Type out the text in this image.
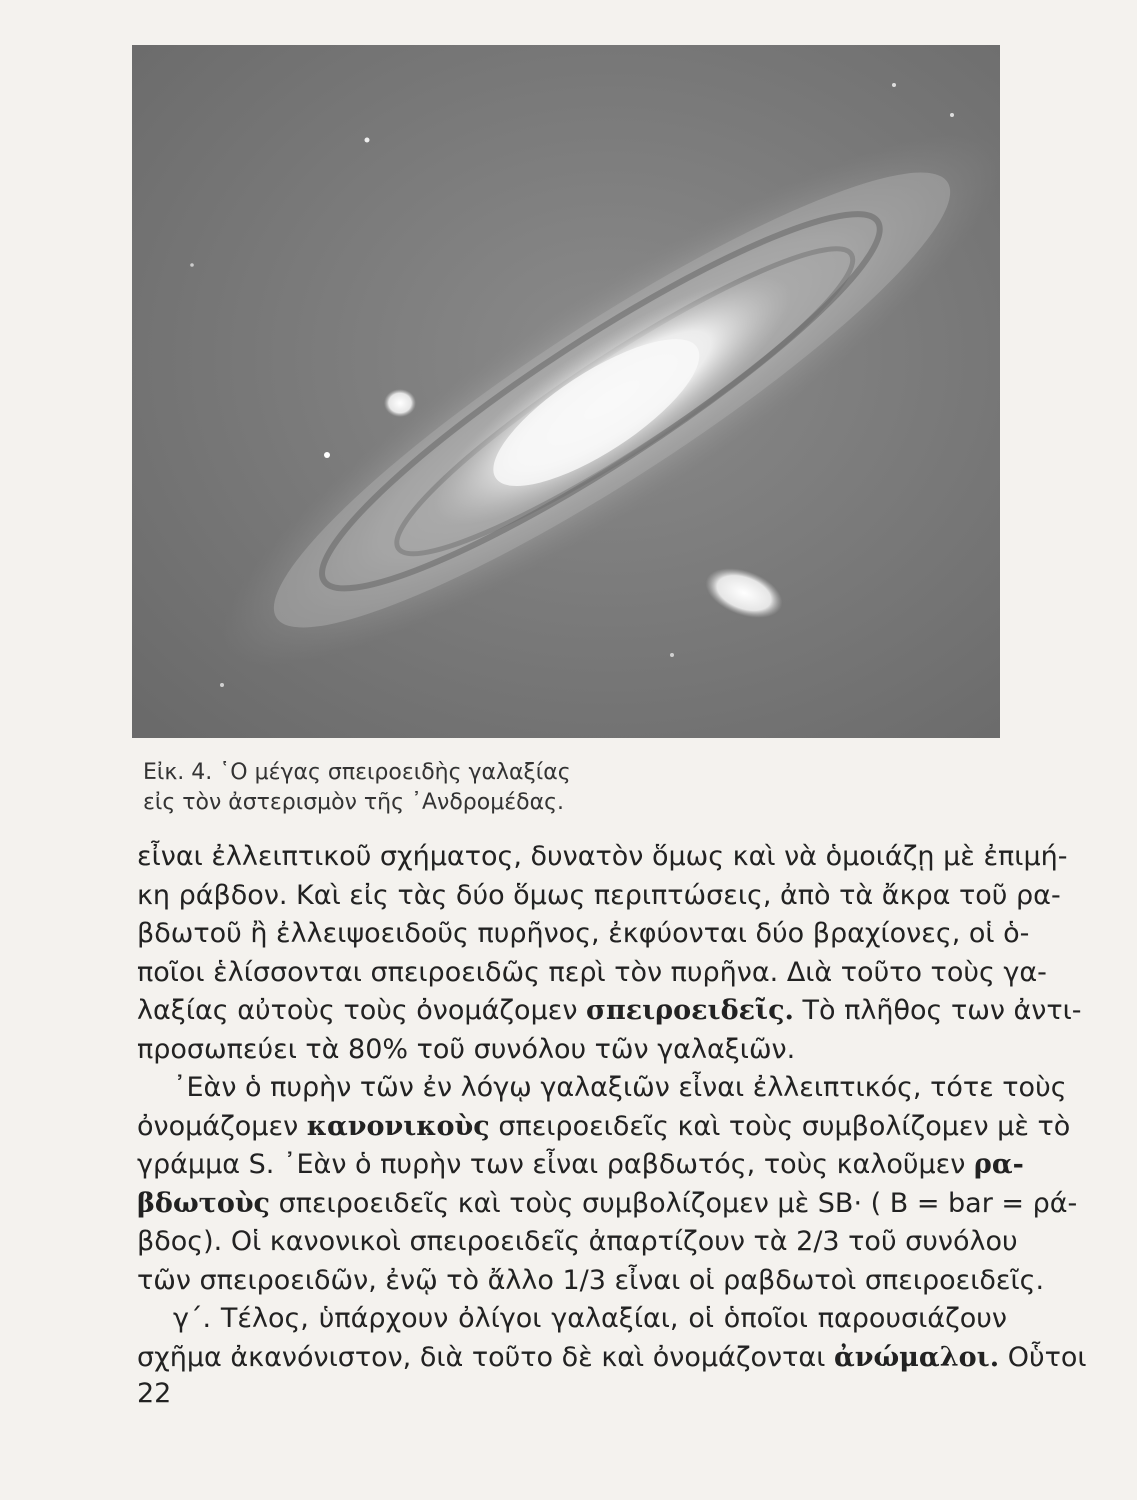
Εἰκ. 4. ῾Ο μέγας σπειροειδὴς γαλαξίας
εἰς τὸν ἀστερισμὸν τῆς ᾿Ανδρομέδας.
εἶναι ἐλλειπτικοῦ σχήματος, δυνατὸν ὅμως καὶ νὰ ὁμοιάζῃ μὲ ἐπιμή-
κη ράβδον. Καὶ εἰς τὰς δύο ὅμως περιπτώσεις, ἀπὸ τὰ ἄκρα τοῦ ρα-
βδωτοῦ ἢ ἐλλειψοειδοῦς πυρῆνος, ἐκφύονται δύο βραχίονες, οἱ ὁ-
ποῖοι ἑλίσσονται σπειροειδῶς περὶ τὸν πυρῆνα. Διὰ τοῦτο τοὺς γα-
λαξίας αὐτοὺς τοὺς ὀνομάζομεν σπειροειδεῖς. Τὸ πλῆθος των ἀντι-
προσωπεύει τὰ 80% τοῦ συνόλου τῶν γαλαξιῶν.
᾿Εὰν ὁ πυρὴν τῶν ἐν λόγῳ γαλαξιῶν εἶναι ἐλλειπτικός, τότε τοὺς
ὀνομάζομεν κανονικοὺς σπειροειδεῖς καὶ τοὺς συμβολίζομεν μὲ τὸ
γράμμα S. ᾿Εὰν ὁ πυρὴν των εἶναι ραβδωτός, τοὺς καλοῦμεν ρα-
βδωτοὺς σπειροειδεῖς καὶ τοὺς συμβολίζομεν μὲ SB· ( B = bar = ρά-
βδος). Οἱ κανονικοὶ σπειροειδεῖς ἀπαρτίζουν τὰ 2/3 τοῦ συνόλου
τῶν σπειροειδῶν, ἐνῷ τὸ ἄλλο 1/3 εἶναι οἱ ραβδωτοὶ σπειροειδεῖς.
γ΄. Τέλος, ὑπάρχουν ὀλίγοι γαλαξίαι, οἱ ὁποῖοι παρουσιάζουν
σχῆμα ἀκανόνιστον, διὰ τοῦτο δὲ καὶ ὀνομάζονται ἀνώμαλοι. Οὗτοι
22
